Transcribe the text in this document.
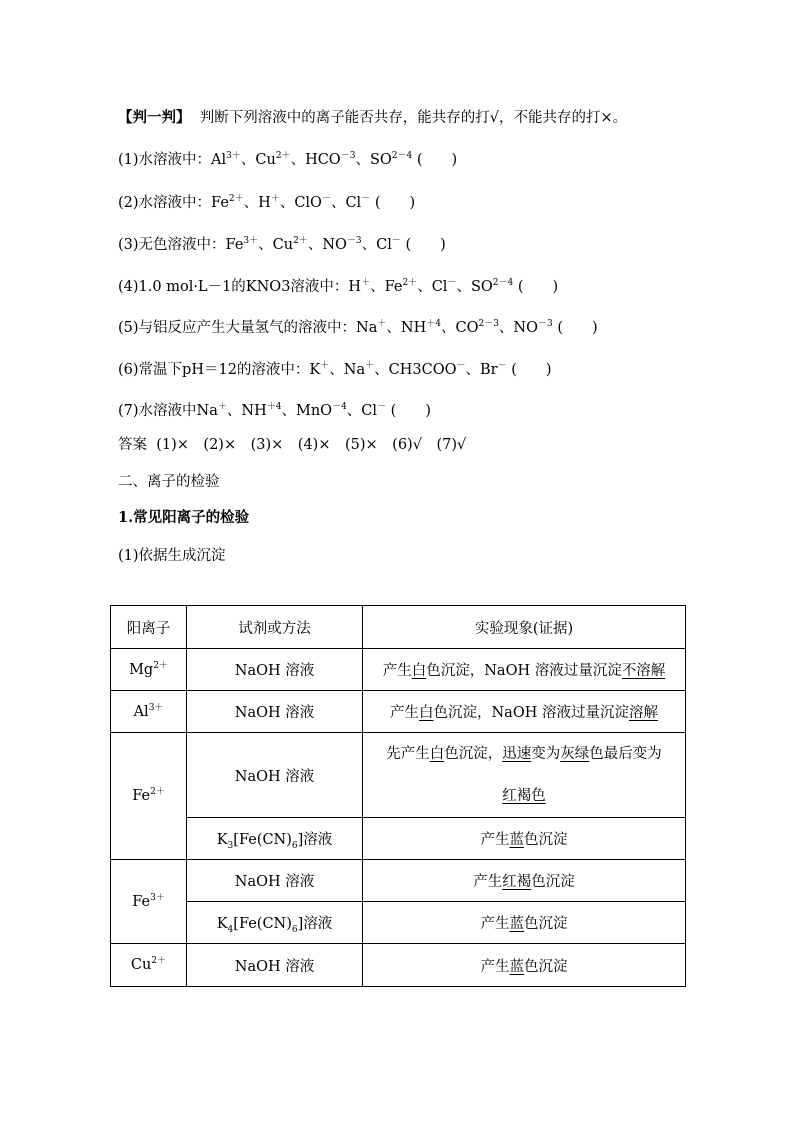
【判一判】 判断下列溶液中的离子能否共存，能共存的打√，不能共存的打×。
(1)水溶液中：$Al^{3+}$、$Cu^{2+}$、$HCO^{-3}$、$SO^{2-4}$ (　　)
(2)水溶液中：$Fe^{2+}$、H＋、ClO－、Cl－ (　　)
(3)无色溶液中：$Fe^{3+}$、$Cu^{2+}$、$NO^{-3}$、Cl－ (　　)
(4)1.0 mol·L－1的KNO3溶液中：H＋、$Fe^{2+}$、Cl－、$SO^{2-4}$ (　　)
(5)与铝反应产生大量氢气的溶液中：Na＋、$NH^{+4}$、$CO^{2-3}$、$NO^{-3}$ (　　)
(6)常温下pH＝12的溶液中：K＋、Na＋、CH3COO－、Br－ (　　)
(7)水溶液中Na＋、$NH^{+4}$、MnO$^{-4}$、Cl－ (　　)
答案 (1)×　(2)×　(3)×　(4)×　(5)×　(6)√　(7)√
二、离子的检验
1.常见阳离子的检验
(1)依据生成沉淀
阳离子	试剂或方法	实验现象(证据)
$Mg^{2+}$	NaOH 溶液	产生白色沉淀，NaOH 溶液过量沉淀不溶解
$Al^{3+}$	NaOH 溶液	产生白色沉淀，NaOH 溶液过量沉淀溶解
$Fe^{2+}$	NaOH 溶液	先产生白色沉淀，迅速变为灰绿色最后变为
红褐色
	$K_3[Fe(CN)_6]$溶液	产生蓝色沉淀
$Fe^{3+}$	NaOH 溶液	产生红褐色沉淀
	$K_4[Fe(CN)_6]$溶液	产生蓝色沉淀
$Cu^{2+}$	NaOH 溶液	产生蓝色沉淀
